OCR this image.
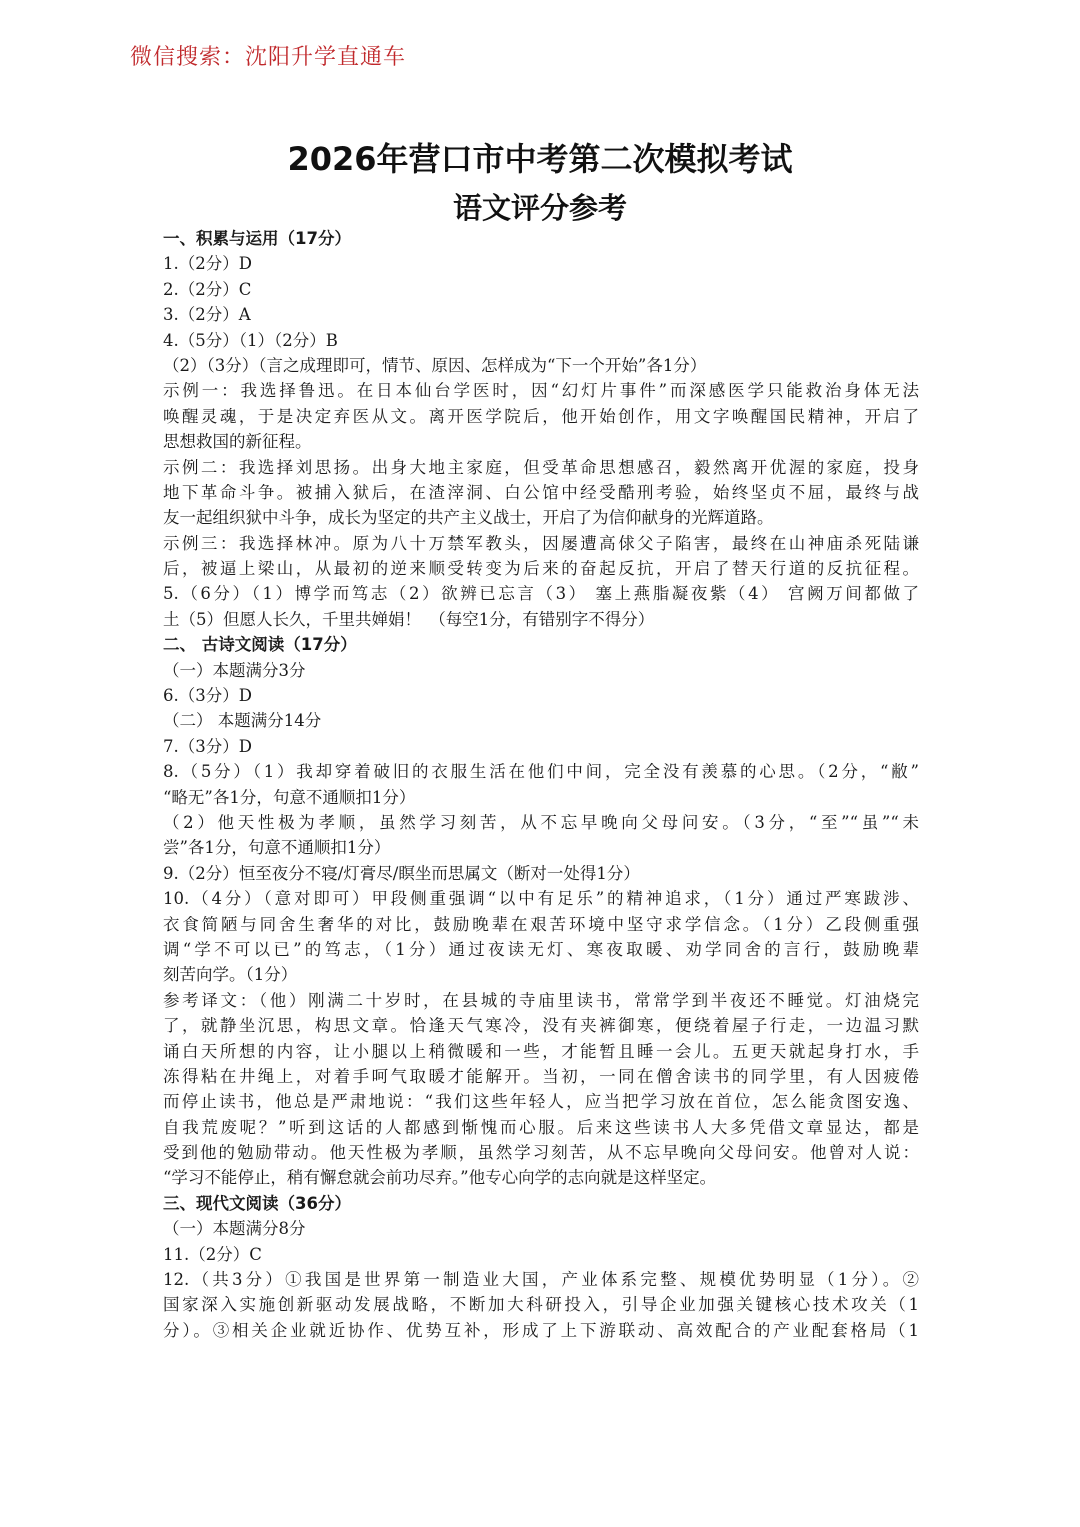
微信搜索：沈阳升学直通车
2026年营口市中考第二次模拟考试
语文评分参考
一、积累与运用（17分）
1.（2分）D
2.（2分）C
3.（2分）A
4.（5分）（1）（2分）B
（2）（3分）（言之成理即可，情节、原因、怎样成为“下一个开始”各1分）
示例一：我选择鲁迅。在日本仙台学医时，因“幻灯片事件”而深感医学只能救治身体无法
唤醒灵魂，于是决定弃医从文。离开医学院后，他开始创作，用文字唤醒国民精神，开启了
思想救国的新征程。
示例二：我选择刘思扬。出身大地主家庭，但受革命思想感召，毅然离开优渥的家庭，投身
地下革命斗争。被捕入狱后，在渣滓洞、白公馆中经受酷刑考验，始终坚贞不屈，最终与战
友一起组织狱中斗争，成长为坚定的共产主义战士，开启了为信仰献身的光辉道路。
示例三：我选择林冲。原为八十万禁军教头，因屡遭高俅父子陷害，最终在山神庙杀死陆谦
后，被逼上梁山，从最初的逆来顺受转变为后来的奋起反抗，开启了替天行道的反抗征程。
5.（6分）（1）博学而笃志（2）欲辨已忘言（3） 塞上燕脂凝夜紫（4） 宫阙万间都做了
土（5）但愿人长久，千里共婵娟！　（每空1分，有错别字不得分）
二、 古诗文阅读（17分）
（一）本题满分3分
6.（3分）D
（二） 本题满分14分
7.（3分）D
8.（5分）（1）我却穿着破旧的衣服生活在他们中间，完全没有羡慕的心思。（2分，“敝”
“略无”各1分，句意不通顺扣1分）
（2）他天性极为孝顺，虽然学习刻苦，从不忘早晚向父母问安。（3分，“至”“虽”“未
尝”各1分，句意不通顺扣1分）
9.（2分）恒至夜分不寝/灯膏尽/瞑坐而思属文（断对一处得1分）
10.（4分）（意对即可）甲段侧重强调“以中有足乐”的精神追求，（1分）通过严寒跋涉、
衣食简陋与同舍生奢华的对比，鼓励晚辈在艰苦环境中坚守求学信念。（1分）乙段侧重强
调“学不可以已”的笃志，（1分）通过夜读无灯、寒夜取暖、劝学同舍的言行，鼓励晚辈
刻苦向学。（1分）
参考译文：（他）刚满二十岁时，在县城的寺庙里读书，常常学到半夜还不睡觉。灯油烧完
了，就静坐沉思，构思文章。恰逢天气寒冷，没有夹裤御寒，便绕着屋子行走，一边温习默
诵白天所想的内容，让小腿以上稍微暖和一些，才能暂且睡一会儿。五更天就起身打水，手
冻得粘在井绳上，对着手呵气取暖才能解开。当初，一同在僧舍读书的同学里，有人因疲倦
而停止读书，他总是严肃地说：“我们这些年轻人，应当把学习放在首位，怎么能贪图安逸、
自我荒废呢？”听到这话的人都感到惭愧而心服。后来这些读书人大多凭借文章显达，都是
受到他的勉励带动。他天性极为孝顺，虽然学习刻苦，从不忘早晚向父母问安。他曾对人说：
“学习不能停止，稍有懈怠就会前功尽弃。”他专心向学的志向就是这样坚定。
三、现代文阅读（36分）
（一）本题满分8分
11.（2分）C
12.（共3分）①我国是世界第一制造业大国，产业体系完整、规模优势明显（1分）。②
国家深入实施创新驱动发展战略，不断加大科研投入，引导企业加强关键核心技术攻关（1
分）。③相关企业就近协作、优势互补，形成了上下游联动、高效配合的产业配套格局（1
